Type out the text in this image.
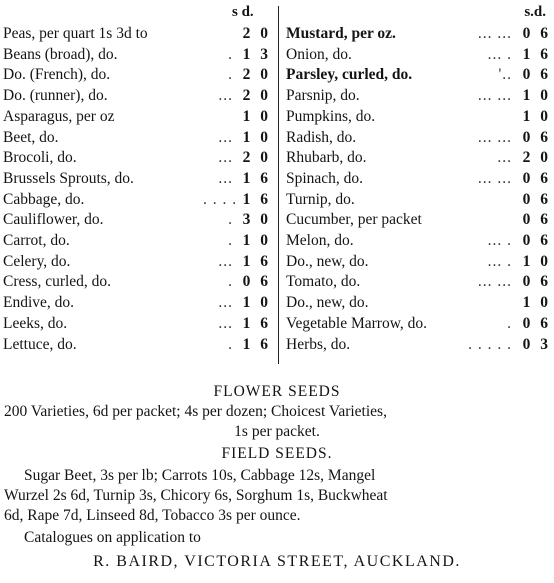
s d.	s.d.
Peas, per quart 1s 3d to	2 0
Beans (broad), do.	. 1 3
Do. (French), do.	. 2 0
Do. (runner), do.	... 2 0
Asparagus, per oz	1 0
Beet, do.	... 1 0
Brocoli, do.	... 2 0
Brussels Sprouts, do.	... 1 6
Cabbage, do.	. . . . 1 6
Cauliflower, do.	. 3 0
Carrot, do.	. 1 0
Celery, do.	... 1 6
Cress, curled, do.	. 0 6
Endive, do.	... 1 0
Leeks, do.	... 1 6
Lettuce, do.	. 1 6
Mustard, per oz.	... ... 0 6
Onion, do.	... . 1 6
Parsley, curled, do.	'.. 0 6
Parsnip, do.	... ... 1 0
Pumpkins, do.	1 0
Radish, do.	... ... 0 6
Rhubarb, do.	... 2 0
Spinach, do.	... ... 0 6
Turnip, do.	0 6
Cucumber, per packet	0 6
Melon, do.	... . 0 6
Do., new, do.	... . 1 0
Tomato, do.	... ... 0 6
Do., new, do.	1 0
Vegetable Marrow, do.	. 0 6
Herbs, do.	. . . . . 0 3
FLOWER SEEDS
200 Varieties, 6d per packet; 4s per dozen; Choicest Varieties,
1s per packet.
FIELD SEEDS.
Sugar Beet, 3s per lb; Carrots 10s, Cabbage 12s, Mangel
Wurzel 2s 6d, Turnip 3s, Chicory 6s, Sorghum 1s, Buckwheat
6d, Rape 7d, Linseed 8d, Tobacco 3s per ounce.
Catalogues on application to
R. BAIRD, VICTORIA STREET, AUCKLAND.
